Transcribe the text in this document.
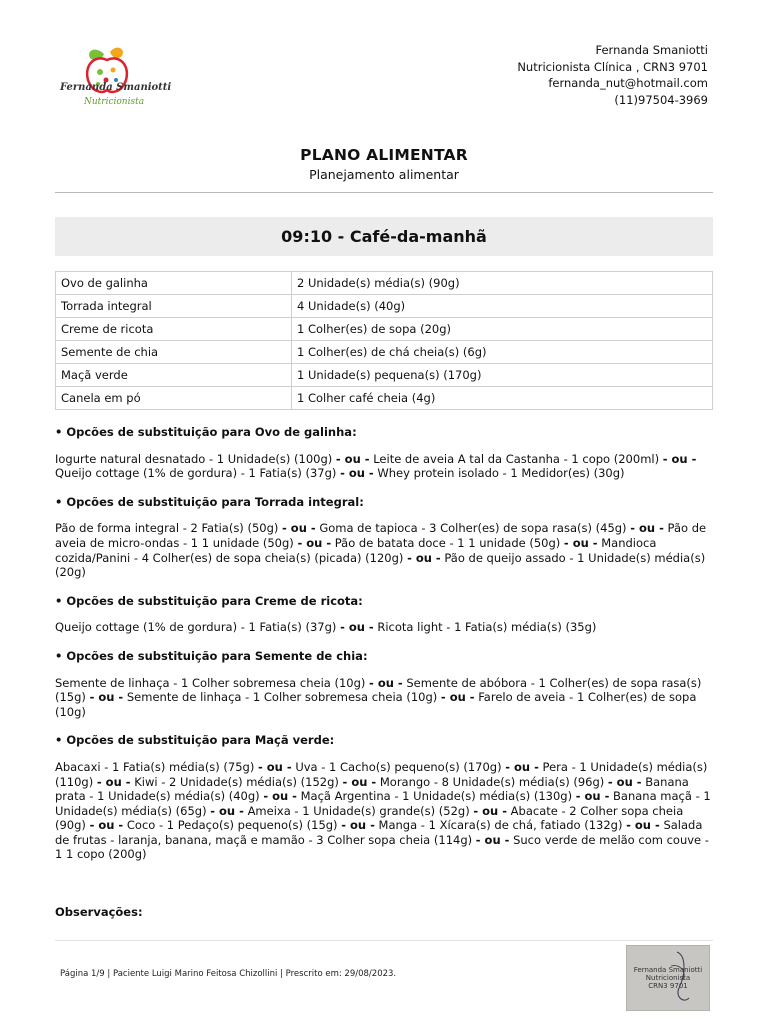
Fernanda Smaniotti
Nutricionista
Fernanda Smaniotti
Nutricionista Clínica , CRN3 9701
fernanda_nut@hotmail.com
(11)97504-3969
PLANO ALIMENTAR
Planejamento alimentar
09:10 - Café-da-manhã
Ovo de galinha	2 Unidade(s) média(s) (90g)
Torrada integral	4 Unidade(s) (40g)
Creme de ricota	1 Colher(es) de sopa (20g)
Semente de chia	1 Colher(es) de chá cheia(s) (6g)
Maçã verde	1 Unidade(s) pequena(s) (170g)
Canela em pó	1 Colher café cheia (4g)
• Opcões de substituição para Ovo de galinha:
Iogurte natural desnatado - 1 Unidade(s) (100g) - ou - Leite de aveia A tal da Castanha - 1 copo (200ml) - ou - Queijo cottage (1% de gordura) - 1 Fatia(s) (37g) - ou - Whey protein isolado - 1 Medidor(es) (30g)
• Opcões de substituição para Torrada integral:
Pão de forma integral - 2 Fatia(s) (50g) - ou - Goma de tapioca - 3 Colher(es) de sopa rasa(s) (45g) - ou - Pão de aveia de micro-ondas - 1 1 unidade (50g) - ou - Pão de batata doce - 1 1 unidade (50g) - ou - Mandioca cozida/Panini - 4 Colher(es) de sopa cheia(s) (picada) (120g) - ou - Pão de queijo assado - 1 Unidade(s) média(s) (20g)
• Opcões de substituição para Creme de ricota:
Queijo cottage (1% de gordura) - 1 Fatia(s) (37g) - ou - Ricota light - 1 Fatia(s) média(s) (35g)
• Opcões de substituição para Semente de chia:
Semente de linhaça - 1 Colher sobremesa cheia (10g) - ou - Semente de abóbora - 1 Colher(es) de sopa rasa(s) (15g) - ou - Semente de linhaça - 1 Colher sobremesa cheia (10g) - ou - Farelo de aveia - 1 Colher(es) de sopa (10g)
• Opcões de substituição para Maçã verde:
Abacaxi - 1 Fatia(s) média(s) (75g) - ou - Uva - 1 Cacho(s) pequeno(s) (170g) - ou - Pera - 1 Unidade(s) média(s) (110g) - ou - Kiwi - 2 Unidade(s) média(s) (152g) - ou - Morango - 8 Unidade(s) média(s) (96g) - ou - Banana prata - 1 Unidade(s) média(s) (40g) - ou - Maçã Argentina - 1 Unidade(s) média(s) (130g) - ou - Banana maçã - 1 Unidade(s) média(s) (65g) - ou - Ameixa - 1 Unidade(s) grande(s) (52g) - ou - Abacate - 2 Colher sopa cheia (90g) - ou - Coco - 1 Pedaço(s) pequeno(s) (15g) - ou - Manga - 1 Xícara(s) de chá, fatiado (132g) - ou - Salada de frutas - laranja, banana, maçã e mamão - 3 Colher sopa cheia (114g) - ou - Suco verde de melão com couve - 1 1 copo (200g)
Observações:
Página 1/9 | Paciente Luigi Marino Feitosa Chizollini | Prescrito em: 29/08/2023.	Fernanda Smaniotti
Nutricionista
CRN3 9701
